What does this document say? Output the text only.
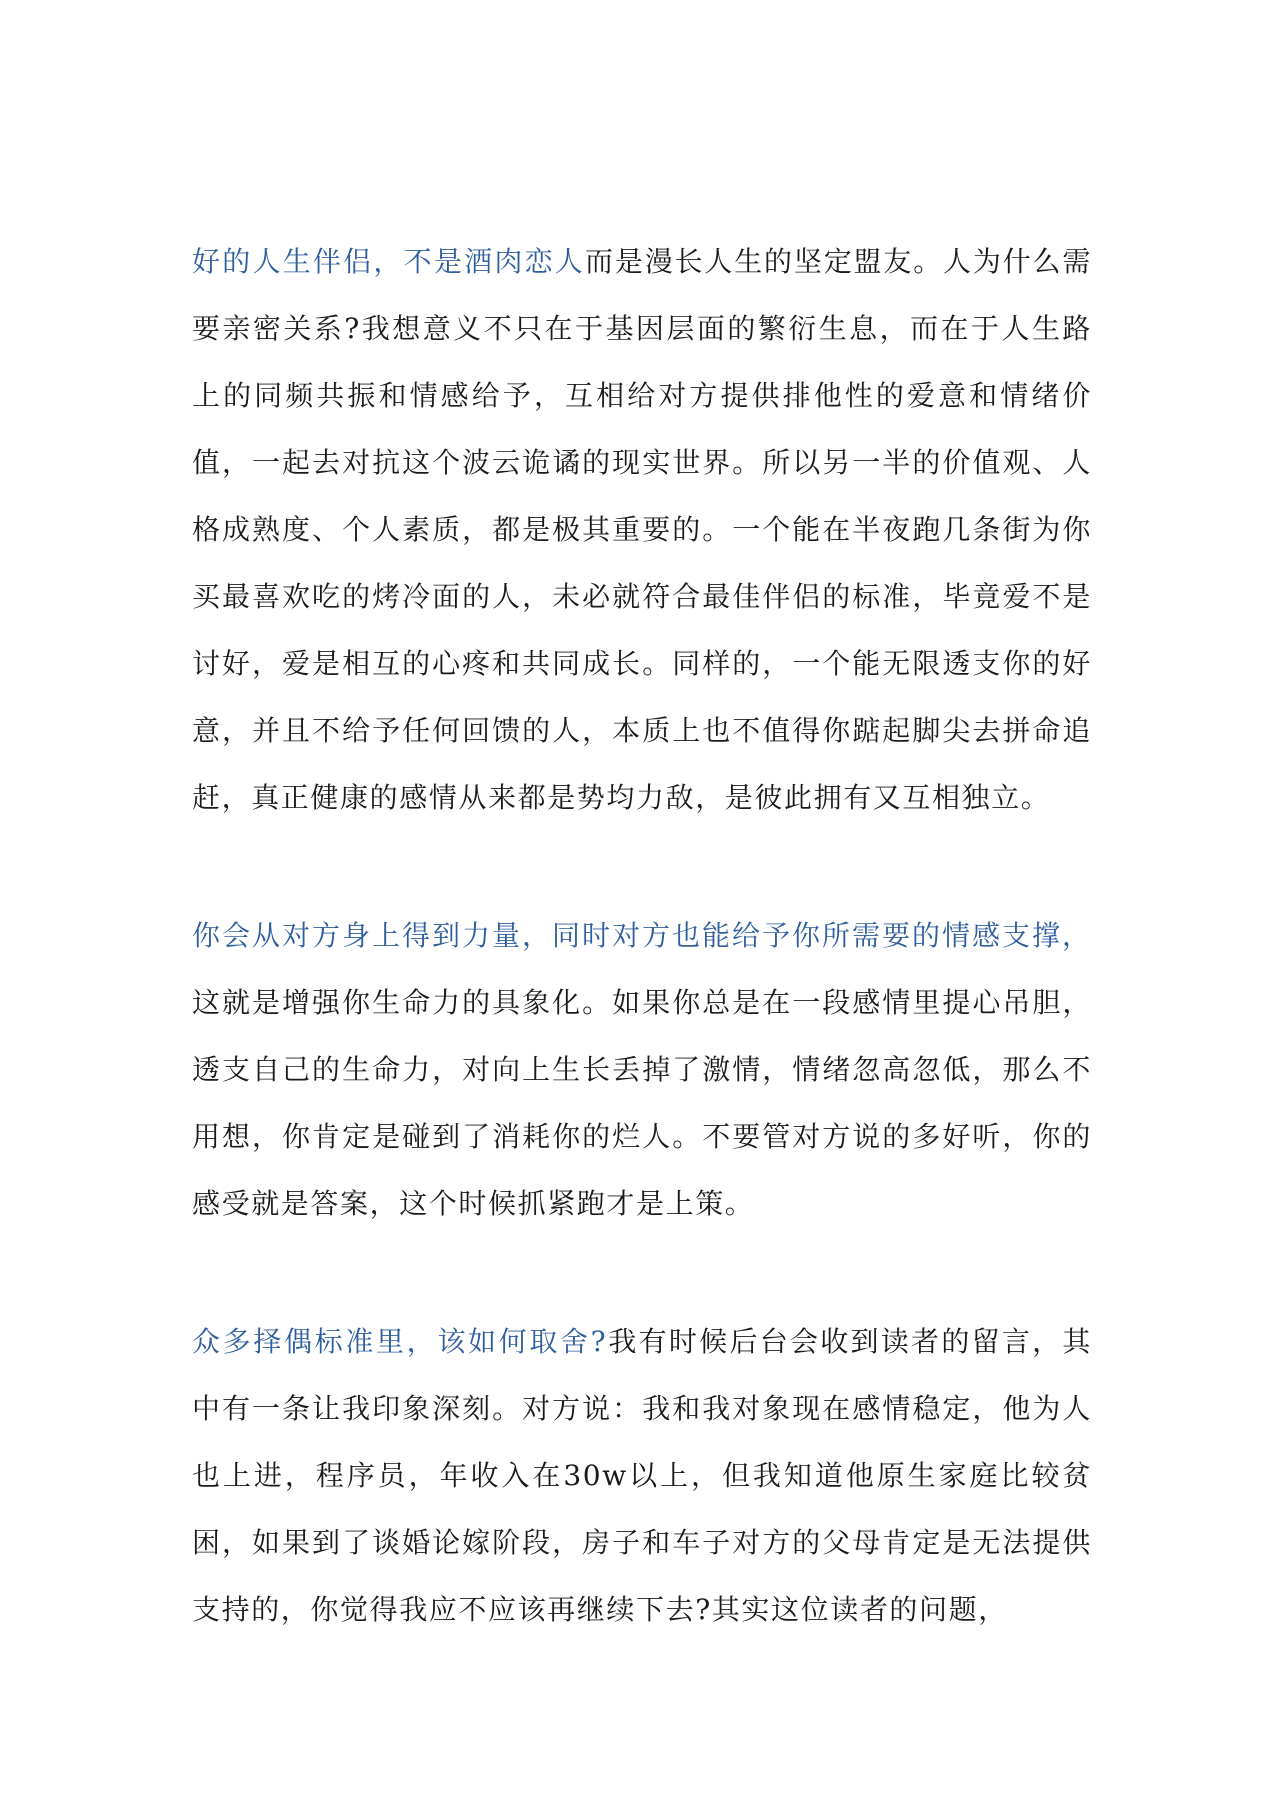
好的人生伴侣，不是酒肉恋人而是漫长人生的坚定盟友。人为什么需要亲密关系?我想意义不只在于基因层面的繁衍生息，而在于人生路上的同频共振和情感给予，互相给对方提供排他性的爱意和情绪价值，一起去对抗这个波云诡谲的现实世界。所以另一半的价值观、人格成熟度、个人素质，都是极其重要的。一个能在半夜跑几条街为你买最喜欢吃的烤冷面的人，未必就符合最佳伴侣的标准，毕竟爱不是讨好，爱是相互的心疼和共同成长。同样的，一个能无限透支你的好意，并且不给予任何回馈的人，本质上也不值得你踮起脚尖去拼命追赶，真正健康的感情从来都是势均力敌，是彼此拥有又互相独立。

你会从对方身上得到力量，同时对方也能给予你所需要的情感支撑，这就是增强你生命力的具象化。如果你总是在一段感情里提心吊胆，透支自己的生命力，对向上生长丢掉了激情，情绪忽高忽低，那么不用想，你肯定是碰到了消耗你的烂人。不要管对方说的多好听，你的感受就是答案，这个时候抓紧跑才是上策。

众多择偶标准里，该如何取舍?我有时候后台会收到读者的留言，其中有一条让我印象深刻。对方说：我和我对象现在感情稳定，他为人也上进，程序员，年收入在30w以上，但我知道他原生家庭比较贫困，如果到了谈婚论嫁阶段，房子和车子对方的父母肯定是无法提供支持的，你觉得我应不应该再继续下去?其实这位读者的问题，
